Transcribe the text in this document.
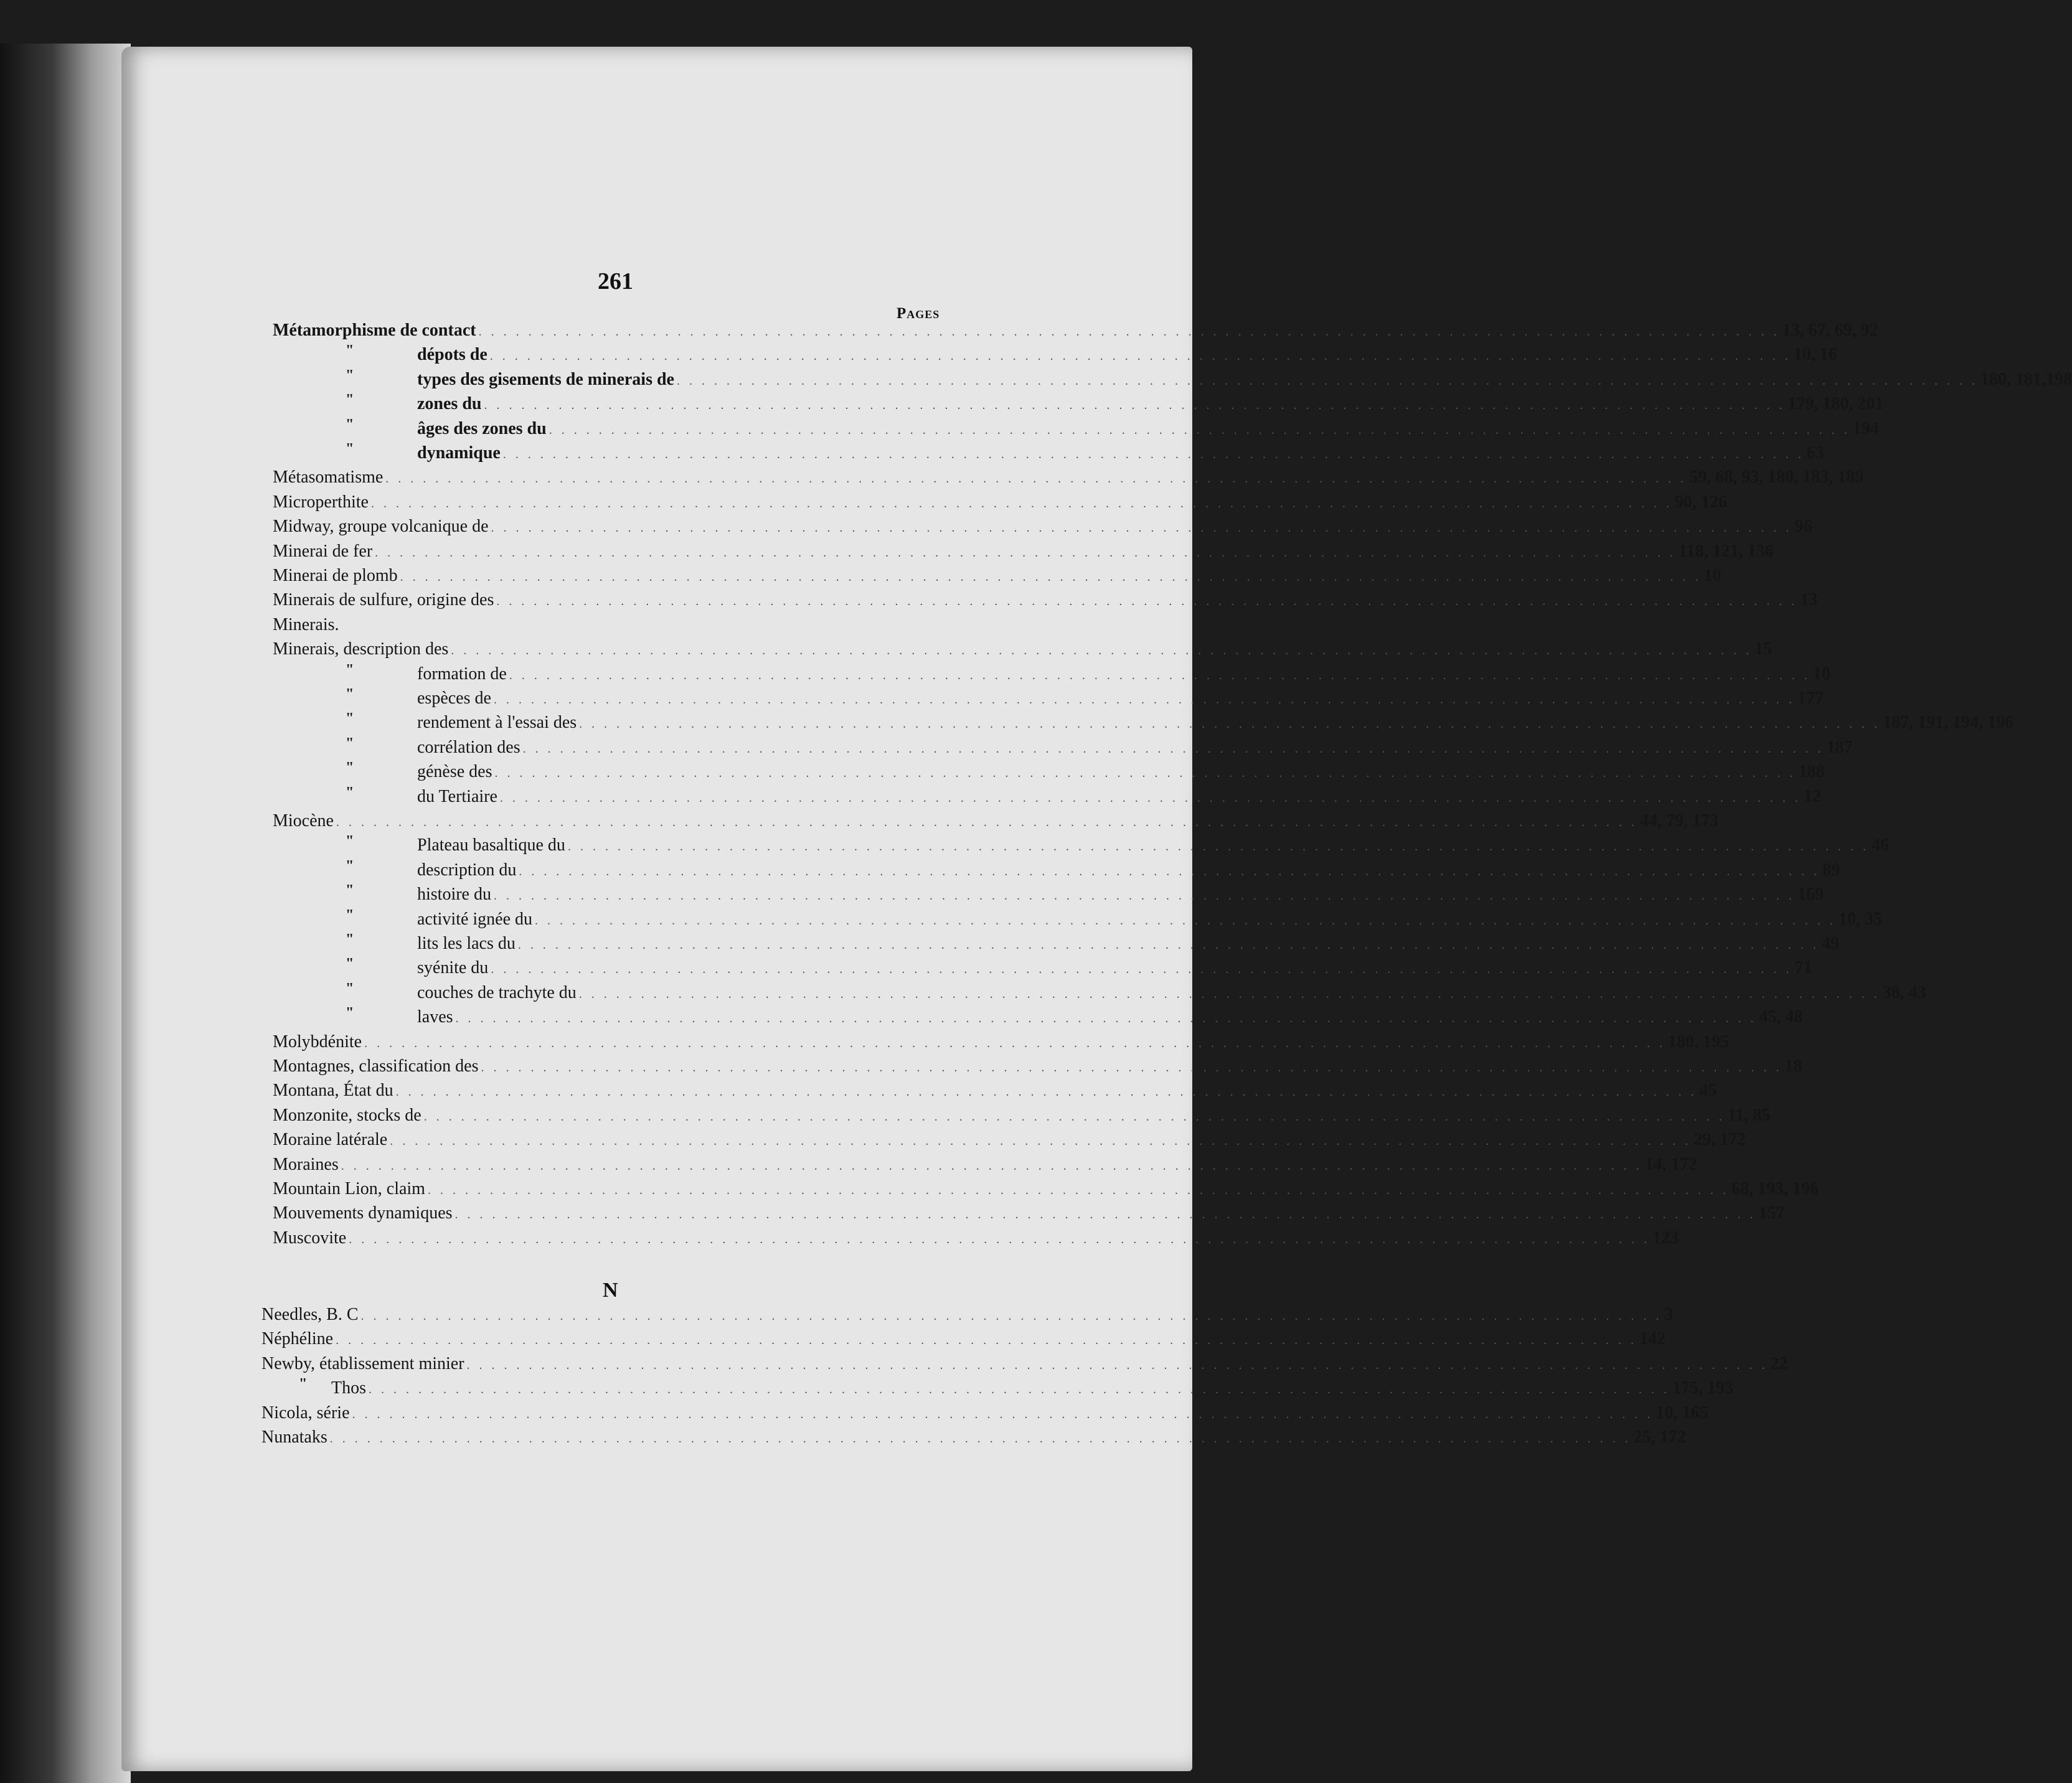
261
Pages
Métamorphisme de contact . . . . . . . . . . . . . . . . . . . . . . . . . . . . . . . . . . . . . . . . . . . . . . . . . . . . . . . . . . . . . . . . . . . . . . . . . . . . . . . . . . . . . . . . . . . . . . . . . . . . . . . . . 13, 67, 69, 92
"	dépots de . . . . . . . . . . . . . . . . . . . . . . . . . . . . . . . . . . . . . . . . . . . . . . . . . . . . . . . . . . . . . . . . . . . . . . . . . . . . . . . . . . . . . . . . . . . . . . . . . . . . . . . . . 10, 16
"	types des gisements de minerais de . . . . . . . . . . . . . . . . . . . . . . . . . . . . . . . . . . . . . . . . . . . . . . . . . . . . . . . . . . . . . . . . . . . . . . . . . . . . . . . . . . . . . . . . . . . . . . . . . . . . . . . . . 180, 181,198
"	zones du . . . . . . . . . . . . . . . . . . . . . . . . . . . . . . . . . . . . . . . . . . . . . . . . . . . . . . . . . . . . . . . . . . . . . . . . . . . . . . . . . . . . . . . . . . . . . . . . . . . . . . . . . 179, 180, 201
"	âges des zones du . . . . . . . . . . . . . . . . . . . . . . . . . . . . . . . . . . . . . . . . . . . . . . . . . . . . . . . . . . . . . . . . . . . . . . . . . . . . . . . . . . . . . . . . . . . . . . . . . . . . . . . . . 194
"	dynamique . . . . . . . . . . . . . . . . . . . . . . . . . . . . . . . . . . . . . . . . . . . . . . . . . . . . . . . . . . . . . . . . . . . . . . . . . . . . . . . . . . . . . . . . . . . . . . . . . . . . . . . . . 63
Métasomatisme . . . . . . . . . . . . . . . . . . . . . . . . . . . . . . . . . . . . . . . . . . . . . . . . . . . . . . . . . . . . . . . . . . . . . . . . . . . . . . . . . . . . . . . . . . . . . . . . . . . . . . . . . 59, 68, 93, 180, 183, 189
Microperthite . . . . . . . . . . . . . . . . . . . . . . . . . . . . . . . . . . . . . . . . . . . . . . . . . . . . . . . . . . . . . . . . . . . . . . . . . . . . . . . . . . . . . . . . . . . . . . . . . . . . . . . . . 90, 126
Midway, groupe volcanique de . . . . . . . . . . . . . . . . . . . . . . . . . . . . . . . . . . . . . . . . . . . . . . . . . . . . . . . . . . . . . . . . . . . . . . . . . . . . . . . . . . . . . . . . . . . . . . . . . . . . . . . . . 96
Minerai de fer . . . . . . . . . . . . . . . . . . . . . . . . . . . . . . . . . . . . . . . . . . . . . . . . . . . . . . . . . . . . . . . . . . . . . . . . . . . . . . . . . . . . . . . . . . . . . . . . . . . . . . . . . 118, 121, 136
Minerai de plomb . . . . . . . . . . . . . . . . . . . . . . . . . . . . . . . . . . . . . . . . . . . . . . . . . . . . . . . . . . . . . . . . . . . . . . . . . . . . . . . . . . . . . . . . . . . . . . . . . . . . . . . . . 10
Minerais de sulfure, origine des . . . . . . . . . . . . . . . . . . . . . . . . . . . . . . . . . . . . . . . . . . . . . . . . . . . . . . . . . . . . . . . . . . . . . . . . . . . . . . . . . . . . . . . . . . . . . . . . . . . . . . . . . 13
Minerais.
Minerais, description des . . . . . . . . . . . . . . . . . . . . . . . . . . . . . . . . . . . . . . . . . . . . . . . . . . . . . . . . . . . . . . . . . . . . . . . . . . . . . . . . . . . . . . . . . . . . . . . . . . . . . . . . . 15
"	formation de . . . . . . . . . . . . . . . . . . . . . . . . . . . . . . . . . . . . . . . . . . . . . . . . . . . . . . . . . . . . . . . . . . . . . . . . . . . . . . . . . . . . . . . . . . . . . . . . . . . . . . . . . 10
"	espèces de . . . . . . . . . . . . . . . . . . . . . . . . . . . . . . . . . . . . . . . . . . . . . . . . . . . . . . . . . . . . . . . . . . . . . . . . . . . . . . . . . . . . . . . . . . . . . . . . . . . . . . . . . 177
"	rendement à l'essai des . . . . . . . . . . . . . . . . . . . . . . . . . . . . . . . . . . . . . . . . . . . . . . . . . . . . . . . . . . . . . . . . . . . . . . . . . . . . . . . . . . . . . . . . . . . . . . . . . . . . . . . . . 187, 191, 194, 196
"	corrélation des . . . . . . . . . . . . . . . . . . . . . . . . . . . . . . . . . . . . . . . . . . . . . . . . . . . . . . . . . . . . . . . . . . . . . . . . . . . . . . . . . . . . . . . . . . . . . . . . . . . . . . . . . 187
"	génèse des . . . . . . . . . . . . . . . . . . . . . . . . . . . . . . . . . . . . . . . . . . . . . . . . . . . . . . . . . . . . . . . . . . . . . . . . . . . . . . . . . . . . . . . . . . . . . . . . . . . . . . . . . 188
"	du Tertiaire . . . . . . . . . . . . . . . . . . . . . . . . . . . . . . . . . . . . . . . . . . . . . . . . . . . . . . . . . . . . . . . . . . . . . . . . . . . . . . . . . . . . . . . . . . . . . . . . . . . . . . . . . 12
Miocène . . . . . . . . . . . . . . . . . . . . . . . . . . . . . . . . . . . . . . . . . . . . . . . . . . . . . . . . . . . . . . . . . . . . . . . . . . . . . . . . . . . . . . . . . . . . . . . . . . . . . . . . . 44, 79, 173
"	Plateau basaltique du . . . . . . . . . . . . . . . . . . . . . . . . . . . . . . . . . . . . . . . . . . . . . . . . . . . . . . . . . . . . . . . . . . . . . . . . . . . . . . . . . . . . . . . . . . . . . . . . . . . . . . . . . 46
"	description du . . . . . . . . . . . . . . . . . . . . . . . . . . . . . . . . . . . . . . . . . . . . . . . . . . . . . . . . . . . . . . . . . . . . . . . . . . . . . . . . . . . . . . . . . . . . . . . . . . . . . . . . . 89
"	histoire du . . . . . . . . . . . . . . . . . . . . . . . . . . . . . . . . . . . . . . . . . . . . . . . . . . . . . . . . . . . . . . . . . . . . . . . . . . . . . . . . . . . . . . . . . . . . . . . . . . . . . . . . . 169
"	activité ignée du . . . . . . . . . . . . . . . . . . . . . . . . . . . . . . . . . . . . . . . . . . . . . . . . . . . . . . . . . . . . . . . . . . . . . . . . . . . . . . . . . . . . . . . . . . . . . . . . . . . . . . . . . 10, 35
"	lits les lacs du . . . . . . . . . . . . . . . . . . . . . . . . . . . . . . . . . . . . . . . . . . . . . . . . . . . . . . . . . . . . . . . . . . . . . . . . . . . . . . . . . . . . . . . . . . . . . . . . . . . . . . . . . 49
"	syénite du . . . . . . . . . . . . . . . . . . . . . . . . . . . . . . . . . . . . . . . . . . . . . . . . . . . . . . . . . . . . . . . . . . . . . . . . . . . . . . . . . . . . . . . . . . . . . . . . . . . . . . . . . 71
"	couches de trachyte du . . . . . . . . . . . . . . . . . . . . . . . . . . . . . . . . . . . . . . . . . . . . . . . . . . . . . . . . . . . . . . . . . . . . . . . . . . . . . . . . . . . . . . . . . . . . . . . . . . . . . . . . . 38, 43
"	laves . . . . . . . . . . . . . . . . . . . . . . . . . . . . . . . . . . . . . . . . . . . . . . . . . . . . . . . . . . . . . . . . . . . . . . . . . . . . . . . . . . . . . . . . . . . . . . . . . . . . . . . . . 45, 48
Molybdénite . . . . . . . . . . . . . . . . . . . . . . . . . . . . . . . . . . . . . . . . . . . . . . . . . . . . . . . . . . . . . . . . . . . . . . . . . . . . . . . . . . . . . . . . . . . . . . . . . . . . . . . . . 180, 195
Montagnes, classification des . . . . . . . . . . . . . . . . . . . . . . . . . . . . . . . . . . . . . . . . . . . . . . . . . . . . . . . . . . . . . . . . . . . . . . . . . . . . . . . . . . . . . . . . . . . . . . . . . . . . . . . . . 18
Montana, État du . . . . . . . . . . . . . . . . . . . . . . . . . . . . . . . . . . . . . . . . . . . . . . . . . . . . . . . . . . . . . . . . . . . . . . . . . . . . . . . . . . . . . . . . . . . . . . . . . . . . . . . . . 45
Monzonite, stocks de . . . . . . . . . . . . . . . . . . . . . . . . . . . . . . . . . . . . . . . . . . . . . . . . . . . . . . . . . . . . . . . . . . . . . . . . . . . . . . . . . . . . . . . . . . . . . . . . . . . . . . . . . 11, 85
Moraine latérale . . . . . . . . . . . . . . . . . . . . . . . . . . . . . . . . . . . . . . . . . . . . . . . . . . . . . . . . . . . . . . . . . . . . . . . . . . . . . . . . . . . . . . . . . . . . . . . . . . . . . . . . . 29, 172
Moraines . . . . . . . . . . . . . . . . . . . . . . . . . . . . . . . . . . . . . . . . . . . . . . . . . . . . . . . . . . . . . . . . . . . . . . . . . . . . . . . . . . . . . . . . . . . . . . . . . . . . . . . . . 14, 172
Mountain Lion, claim . . . . . . . . . . . . . . . . . . . . . . . . . . . . . . . . . . . . . . . . . . . . . . . . . . . . . . . . . . . . . . . . . . . . . . . . . . . . . . . . . . . . . . . . . . . . . . . . . . . . . . . . . 68, 193, 196
Mouvements dynamiques . . . . . . . . . . . . . . . . . . . . . . . . . . . . . . . . . . . . . . . . . . . . . . . . . . . . . . . . . . . . . . . . . . . . . . . . . . . . . . . . . . . . . . . . . . . . . . . . . . . . . . . . . 157
Muscovite . . . . . . . . . . . . . . . . . . . . . . . . . . . . . . . . . . . . . . . . . . . . . . . . . . . . . . . . . . . . . . . . . . . . . . . . . . . . . . . . . . . . . . . . . . . . . . . . . . . . . . . . . 123
N
Needles, B. C . . . . . . . . . . . . . . . . . . . . . . . . . . . . . . . . . . . . . . . . . . . . . . . . . . . . . . . . . . . . . . . . . . . . . . . . . . . . . . . . . . . . . . . . . . . . . . . . . . . . . . . . . 3
Néphéline . . . . . . . . . . . . . . . . . . . . . . . . . . . . . . . . . . . . . . . . . . . . . . . . . . . . . . . . . . . . . . . . . . . . . . . . . . . . . . . . . . . . . . . . . . . . . . . . . . . . . . . . . 142
Newby, établissement minier . . . . . . . . . . . . . . . . . . . . . . . . . . . . . . . . . . . . . . . . . . . . . . . . . . . . . . . . . . . . . . . . . . . . . . . . . . . . . . . . . . . . . . . . . . . . . . . . . . . . . . . . . 22
" Thos . . . . . . . . . . . . . . . . . . . . . . . . . . . . . . . . . . . . . . . . . . . . . . . . . . . . . . . . . . . . . . . . . . . . . . . . . . . . . . . . . . . . . . . . . . . . . . . . . . . . . . . . . 175, 193
Nicola, série . . . . . . . . . . . . . . . . . . . . . . . . . . . . . . . . . . . . . . . . . . . . . . . . . . . . . . . . . . . . . . . . . . . . . . . . . . . . . . . . . . . . . . . . . . . . . . . . . . . . . . . . . 10, 165
Nunataks . . . . . . . . . . . . . . . . . . . . . . . . . . . . . . . . . . . . . . . . . . . . . . . . . . . . . . . . . . . . . . . . . . . . . . . . . . . . . . . . . . . . . . . . . . . . . . . . . . . . . . . . . 25, 172
